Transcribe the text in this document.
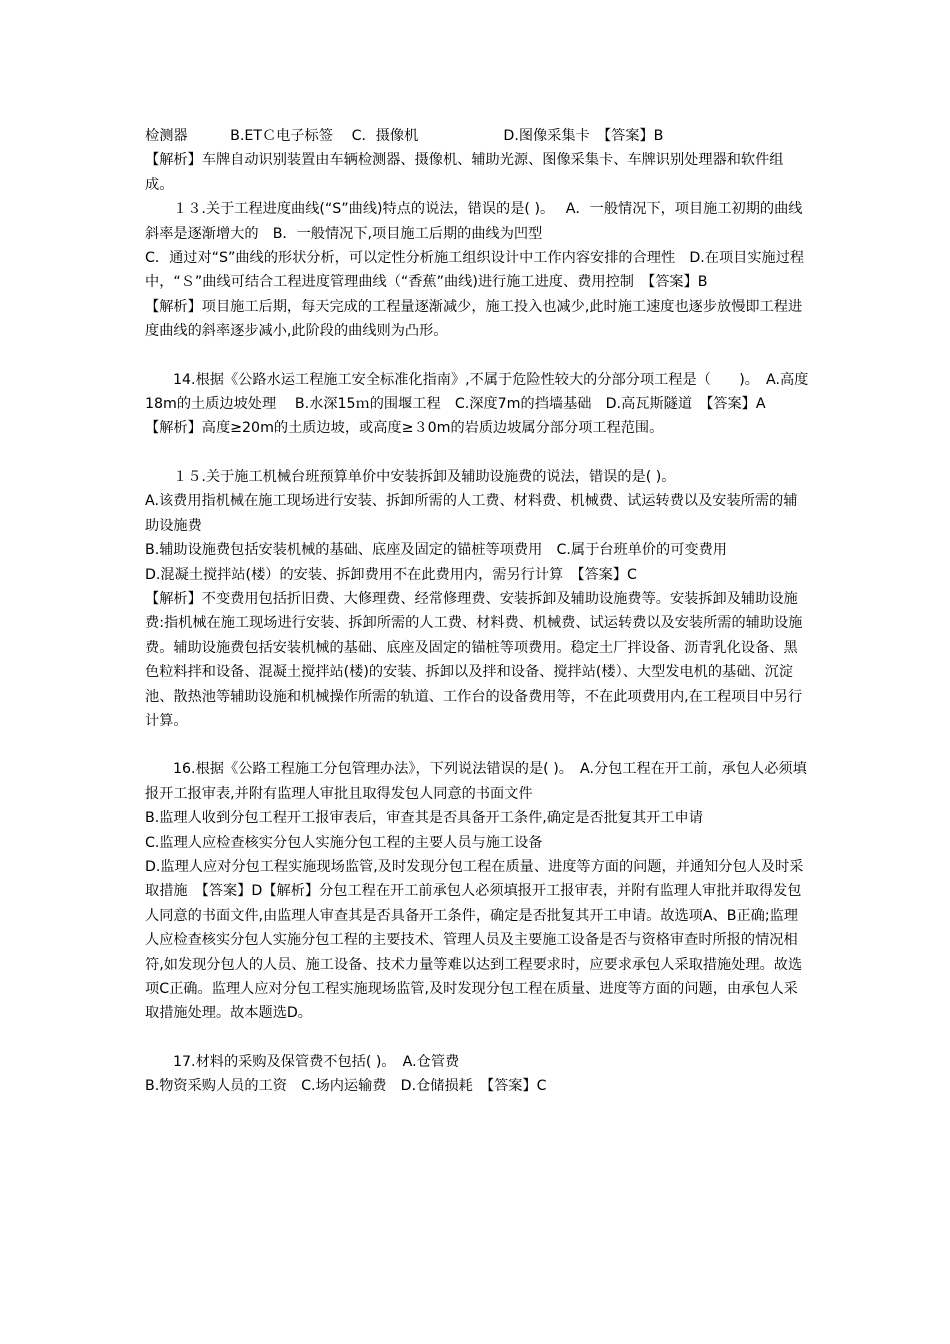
检测器　　　B.ETＣ电子标签　 C．摄像机　　　　　　D.图像采集卡　【答案】B

【解析】车牌自动识别装置由车辆检测器、摄像机、辅助光源、图像采集卡、车牌识别处理器和软件组成。

１３.关于工程进度曲线(“S”曲线)特点的说法，错误的是( )。　 A．一般情况下，项目施工初期的曲线斜率是逐渐增大的　B．一般情况下,项目施工后期的曲线为凹型

C．通过对“S”曲线的形状分析，可以定性分析施工组织设计中工作内容安排的合理性　D.在项目实施过程中，“Ｓ”曲线可结合工程进度管理曲线（“香蕉”曲线)进行施工进度、费用控制　【答案】B

【解析】项目施工后期，每天完成的工程量逐渐减少，施工投入也减少,此时施工速度也逐步放慢即工程进度曲线的斜率逐步减小,此阶段的曲线则为凸形。

14.根据《公路水运工程施工安全标准化指南》,不属于危险性较大的分部分项工程是（　　)。　A.高度18m的土质边坡处理　 B.水深15ｍ的围堰工程　C.深度7m的挡墙基础　D.高瓦斯隧道　【答案】A

【解析】高度≥20m的土质边坡，或高度≥３0m的岩质边坡属分部分项工程范围。

１５.关于施工机械台班预算单价中安装拆卸及辅助设施费的说法，错误的是( )。

A.该费用指机械在施工现场进行安装、拆卸所需的人工费、材料费、机械费、试运转费以及安装所需的辅助设施费

B.辅助设施费包括安装机械的基础、底座及固定的锚桩等项费用　C.属于台班单价的可变费用

D.混凝土搅拌站(楼）的安装、拆卸费用不在此费用内，需另行计算　【答案】C

【解析】不变费用包括折旧费、大修理费、经常修理费、安装拆卸及辅助设施费等。安装拆卸及辅助设施费:指机械在施工现场进行安装、拆卸所需的人工费、材料费、机械费、试运转费以及安装所需的辅助设施费。辅助设施费包括安装机械的基础、底座及固定的锚桩等项费用。稳定土厂拌设备、沥青乳化设备、黑色粒料拌和设备、混凝土搅拌站(楼)的安装、拆卸以及拌和设备、搅拌站(楼）、大型发电机的基础、沉淀池、散热池等辅助设施和机械操作所需的轨道、工作台的设备费用等，不在此项费用内,在工程项目中另行计算。

16.根据《公路工程施工分包管理办法》，下列说法错误的是( )。　A.分包工程在开工前，承包人必须填报开工报审表,并附有监理人审批且取得发包人同意的书面文件

B.监理人收到分包工程开工报审表后，审查其是否具备开工条件,确定是否批复其开工申请

C.监理人应检查核实分包人实施分包工程的主要人员与施工设备

D.监理人应对分包工程实施现场监管,及时发现分包工程在质量、进度等方面的问题，并通知分包人及时采取措施　【答案】D【解析】分包工程在开工前承包人必须填报开工报审表，并附有监理人审批并取得发包人同意的书面文件,由监理人审查其是否具备开工条件，确定是否批复其开工申请。故选项A、B正确;监理人应检查核实分包人实施分包工程的主要技术、管理人员及主要施工设备是否与资格审查时所报的情况相符,如发现分包人的人员、施工设备、技术力量等难以达到工程要求时，应要求承包人采取措施处理。故选项C正确。监理人应对分包工程实施现场监管,及时发现分包工程在质量、进度等方面的问题，由承包人采取措施处理。故本题选D。

17.材料的采购及保管费不包括( )。　A.仓管费

B.物资采购人员的工资　C.场内运输费　D.仓储损耗　【答案】C
